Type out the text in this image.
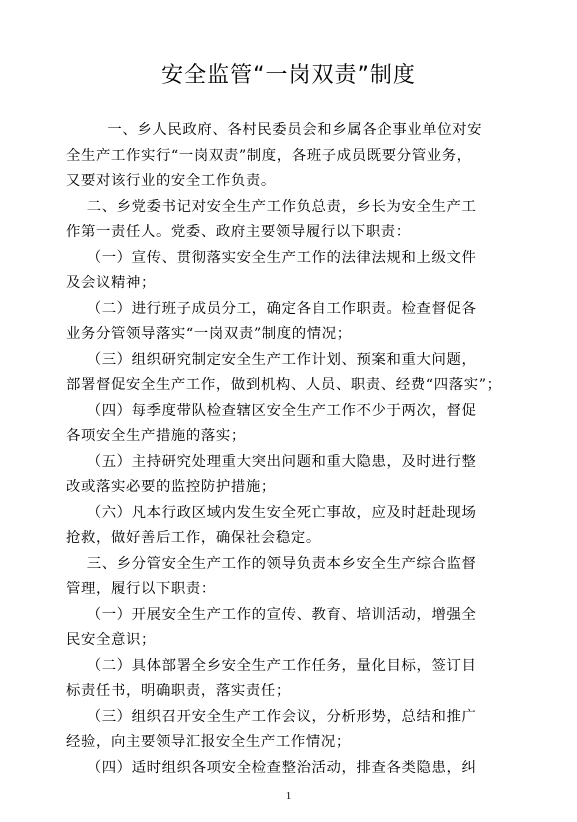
安全监管“一岗双责”制度
一、乡人民政府、各村民委员会和乡属各企事业单位对安
全生产工作实行“一岗双责”制度，各班子成员既要分管业务，
又要对该行业的安全工作负责。
二、乡党委书记对安全生产工作负总责，乡长为安全生产工
作第一责任人。党委、政府主要领导履行以下职责：
（一）宣传、贯彻落实安全生产工作的法律法规和上级文件
及会议精神；
（二）进行班子成员分工，确定各自工作职责。检查督促各
业务分管领导落实“一岗双责”制度的情况；
（三）组织研究制定安全生产工作计划、预案和重大问题，
部署督促安全生产工作，做到机构、人员、职责、经费“四落实”；
（四）每季度带队检查辖区安全生产工作不少于两次，督促
各项安全生产措施的落实；
（五）主持研究处理重大突出问题和重大隐患，及时进行整
改或落实必要的监控防护措施；
（六）凡本行政区域内发生安全死亡事故，应及时赶赴现场
抢救，做好善后工作，确保社会稳定。
三、乡分管安全生产工作的领导负责本乡安全生产综合监督
管理，履行以下职责：
（一）开展安全生产工作的宣传、教育、培训活动，增强全
民安全意识；
（二）具体部署全乡安全生产工作任务，量化目标，签订目
标责任书，明确职责，落实责任；
（三）组织召开安全生产工作会议，分析形势，总结和推广
经验，向主要领导汇报安全生产工作情况；
（四）适时组织各项安全检查整治活动，排查各类隐患，纠
1
